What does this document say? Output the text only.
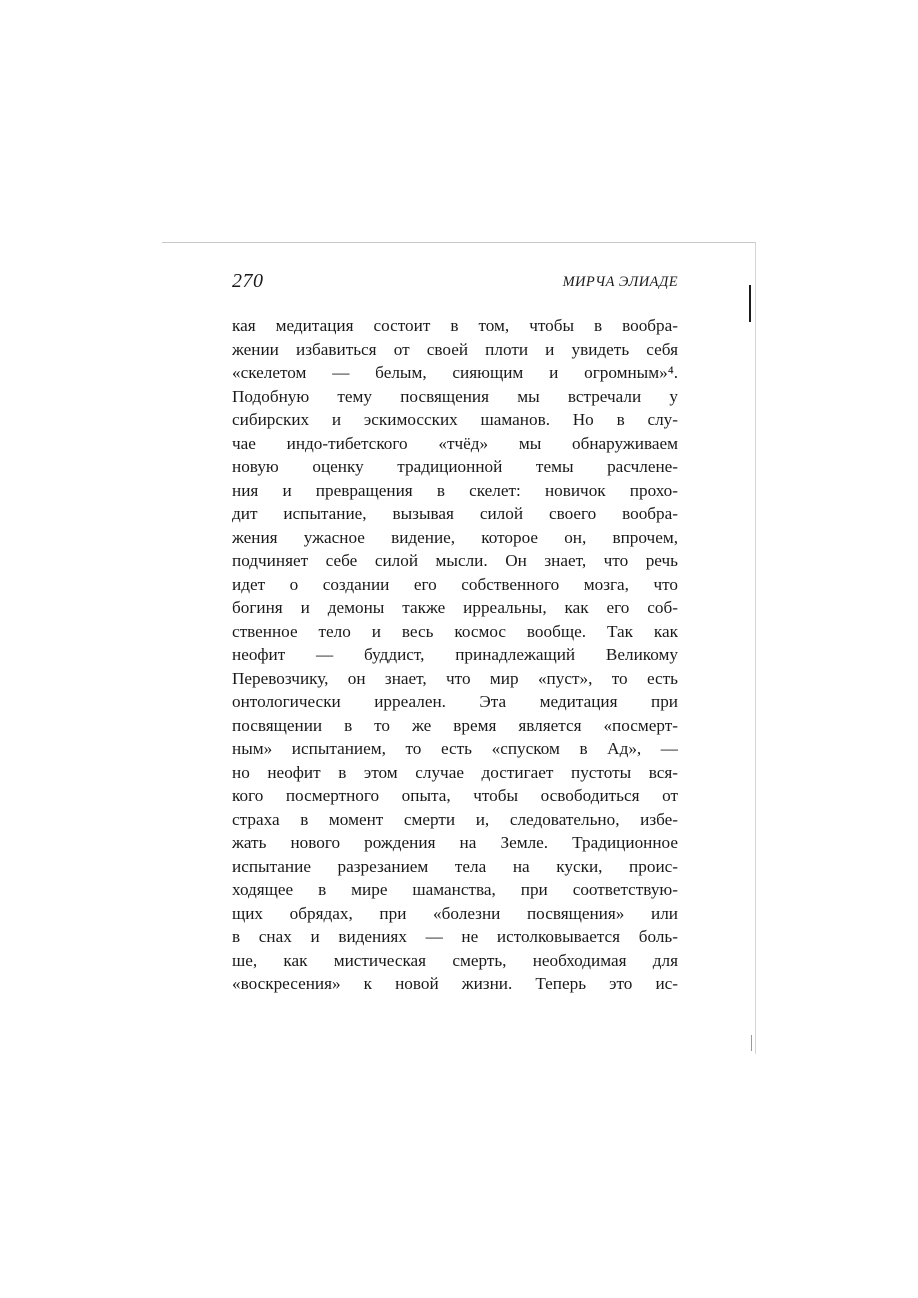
270	МИРЧА ЭЛИАДЕ
кая медитация состоит в том, чтобы в вообра-
жении избавиться от своей плоти и увидеть себя
«скелетом — белым, сияющим и огромным»⁴.
Подобную тему посвящения мы встречали у
сибирских и эскимосских шаманов. Но в слу-
чае индо-тибетского «тчёд» мы обнаруживаем
новую оценку традиционной темы расчлене-
ния и превращения в скелет: новичок прохо-
дит испытание, вызывая силой своего вообра-
жения ужасное видение, которое он, впрочем,
подчиняет себе силой мысли. Он знает, что речь
идет о создании его собственного мозга, что
богиня и демоны также ирреальны, как его соб-
ственное тело и весь космос вообще. Так как
неофит — буддист, принадлежащий Великому
Перевозчику, он знает, что мир «пуст», то есть
онтологически ирреален. Эта медитация при
посвящении в то же время является «посмерт-
ным» испытанием, то есть «спуском в Ад», —
но неофит в этом случае достигает пустоты вся-
кого посмертного опыта, чтобы освободиться от
страха в момент смерти и, следовательно, избе-
жать нового рождения на Земле. Традиционное
испытание разрезанием тела на куски, проис-
ходящее в мире шаманства, при соответствую-
щих обрядах, при «болезни посвящения» или
в снах и видениях — не истолковывается боль-
ше, как мистическая смерть, необходимая для
«воскресения» к новой жизни. Теперь это ис-
